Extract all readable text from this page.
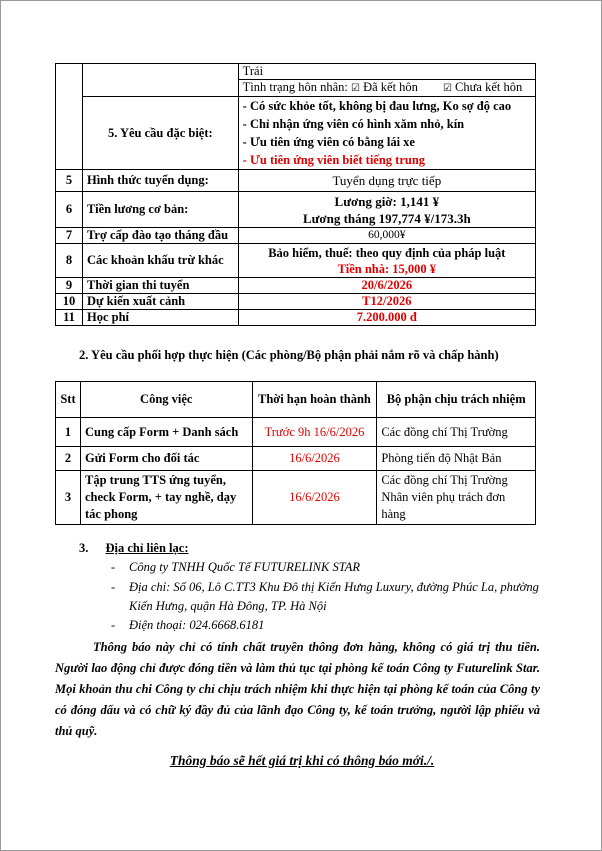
		Trái
		Tình trạng hôn nhân: ☑ Đã kết hôn ☑ Chưa kết hôn
	5. Yêu cầu đặc biệt:	- Có sức khỏe tốt, không bị đau lưng, Ko sợ độ cao
- Chỉ nhận ứng viên có hình xăm nhỏ, kín
- Ưu tiên ứng viên có bằng lái xe
- Ưu tiên ứng viên biết tiếng trung

5	Hình thức tuyển dụng:	Tuyển dụng trực tiếp
6	Tiền lương cơ bản:	Lương giờ: 1,141 ¥
Lương tháng 197,774 ¥/173.3h

7	Trợ cấp đào tạo tháng đầu	60,000¥
8	Các khoản khấu trừ khác	Bảo hiểm, thuế: theo quy định của pháp luật
Tiền nhà: 15,000 ¥

9	Thời gian thi tuyển	20/6/2026
10	Dự kiến xuất cảnh	T12/2026
11	Học phí	7.200.000 đ
2. Yêu cầu phối hợp thực hiện (Các phòng/Bộ phận phải nắm rõ và chấp hành)
Stt	Công việc	Thời hạn hoàn thành	Bộ phận chịu trách nhiệm
1	Cung cấp Form + Danh sách	Trước 9h 16/6/2026	Các đồng chí Thị Trường
2	Gửi Form cho đối tác	16/6/2026	Phòng tiến độ Nhật Bản
3	Tập trung TTS ứng tuyển, check Form, + tay nghề, dạy tác phong	16/6/2026	Các đồng chí Thị Trường Nhân viên phụ trách đơn hàng
3. Địa chỉ liên lạc:
- Công ty TNHH Quốc Tế FUTURELINK STAR
- Địa chỉ: Số 06, Lô C.TT3 Khu Đô thị Kiến Hưng Luxury, đường Phúc La, phường Kiến Hưng, quận Hà Đông, TP. Hà Nội
- Điện thoại: 024.6668.6181
Thông báo này chỉ có tính chất truyền thông đơn hàng, không có giá trị thu tiền. Người lao động chỉ được đóng tiền và làm thủ tục tại phòng kế toán Công ty Futurelink Star. Mọi khoản thu chi Công ty chỉ chịu trách nhiệm khi thực hiện tại phòng kế toán của Công ty có đóng dấu và có chữ ký đầy đủ của lãnh đạo Công ty, kế toán trưởng, người lập phiếu và thủ quỹ.
Thông báo sẽ hết giá trị khi có thông báo mới./.
